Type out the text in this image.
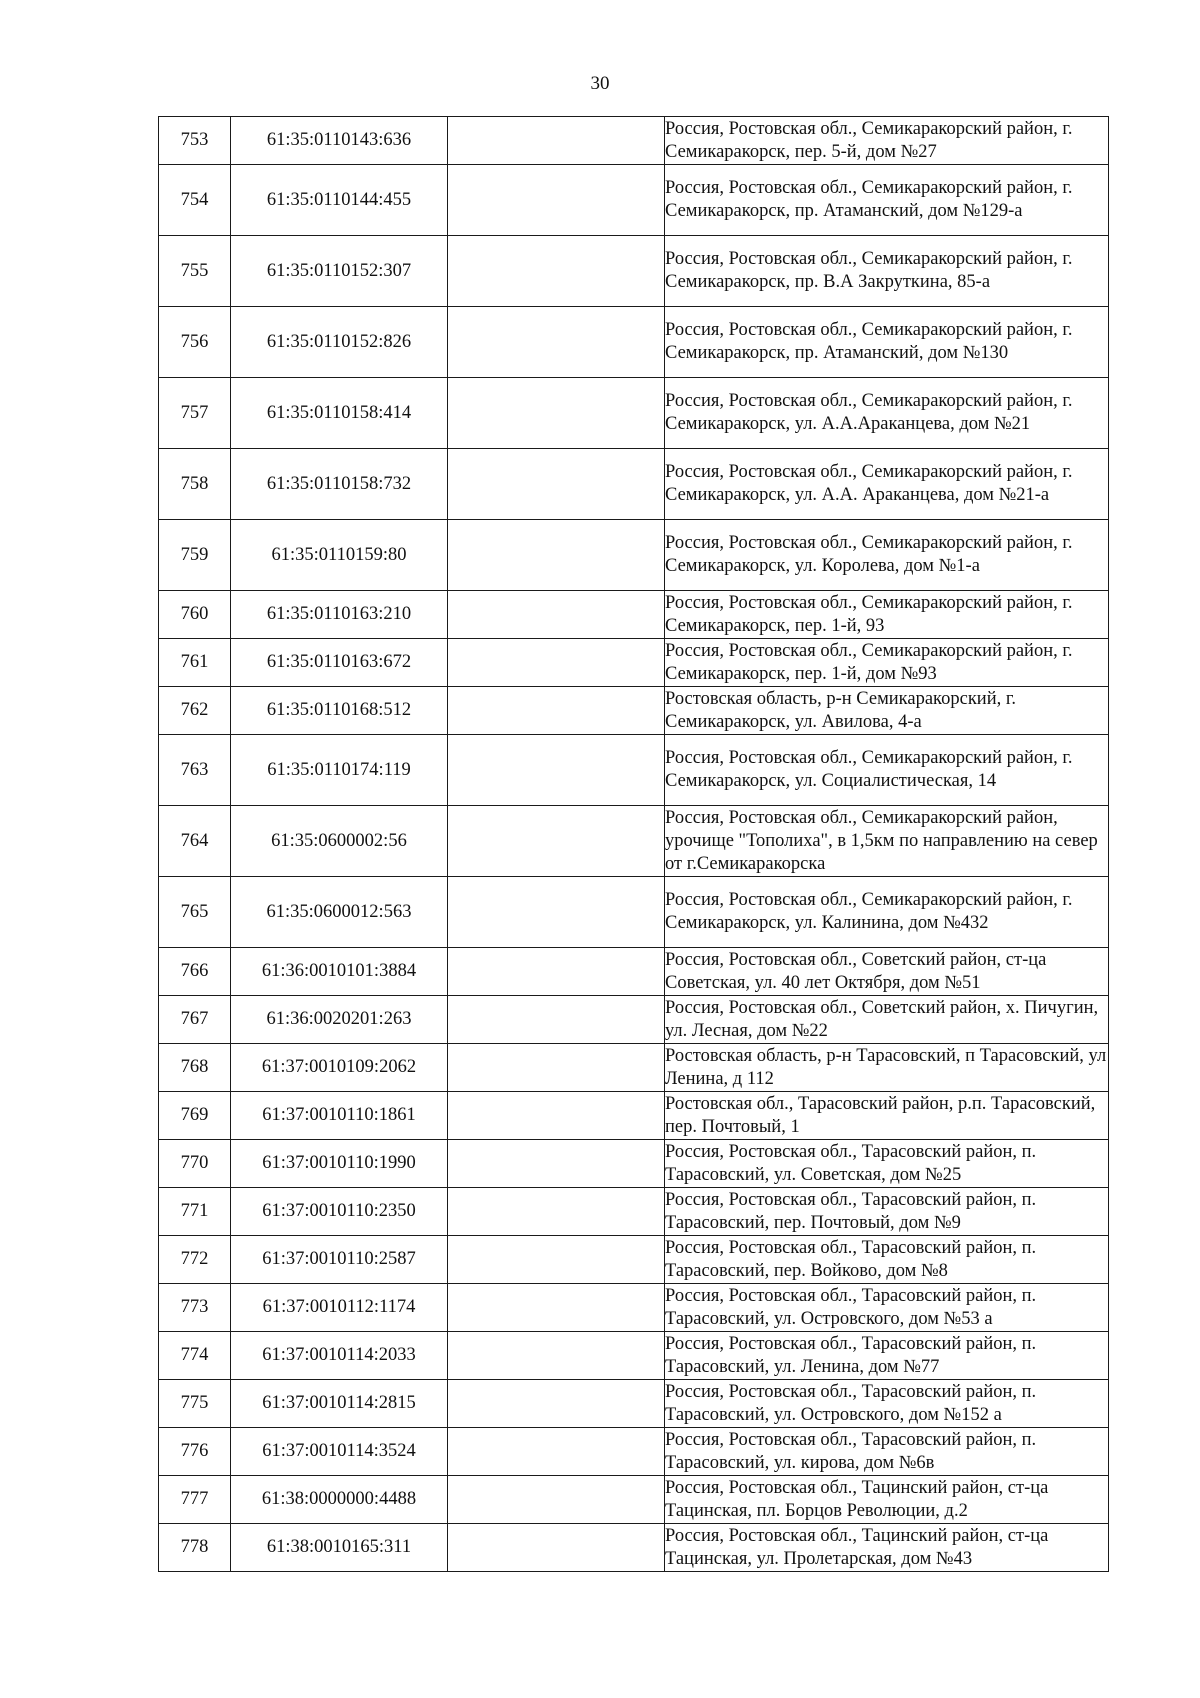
30
753	61:35:0110143:636		Россия, Ростовская обл., Семикаракорский район, г. Семикаракорск, пер. 5-й, дом №27
754	61:35:0110144:455		Россия, Ростовская обл., Семикаракорский район, г. Семикаракорск, пр. Атаманский, дом №129-а
755	61:35:0110152:307		Россия, Ростовская обл., Семикаракорский район, г. Семикаракорск, пр. В.А Закруткина, 85-а
756	61:35:0110152:826		Россия, Ростовская обл., Семикаракорский район, г. Семикаракорск, пр. Атаманский, дом №130
757	61:35:0110158:414		Россия, Ростовская обл., Семикаракорский район, г. Семикаракорск, ул. А.А.Араканцева, дом №21
758	61:35:0110158:732		Россия, Ростовская обл., Семикаракорский район, г. Семикаракорск, ул. А.А. Араканцева, дом №21-а
759	61:35:0110159:80		Россия, Ростовская обл., Семикаракорский район, г. Семикаракорск, ул. Королева, дом №1-а
760	61:35:0110163:210		Россия, Ростовская обл., Семикаракорский район, г. Семикаракорск, пер. 1-й, 93
761	61:35:0110163:672		Россия, Ростовская обл., Семикаракорский район, г. Семикаракорск, пер. 1-й, дом №93
762	61:35:0110168:512		Ростовская область, р-н Семикаракорский, г. Семикаракорск, ул. Авилова, 4-а
763	61:35:0110174:119		Россия, Ростовская обл., Семикаракорский район, г. Семикаракорск, ул. Социалистическая, 14
764	61:35:0600002:56		Россия, Ростовская обл., Семикаракорский район, урочище "Тополиха", в 1,5км по направлению на север от г.Семикаракорска
765	61:35:0600012:563		Россия, Ростовская обл., Семикаракорский район, г. Семикаракорск, ул. Калинина, дом №432
766	61:36:0010101:3884		Россия, Ростовская обл., Советский район, ст-ца Советская, ул. 40 лет Октября, дом №51
767	61:36:0020201:263		Россия, Ростовская обл., Советский район, х. Пичугин, ул. Лесная, дом №22
768	61:37:0010109:2062		Ростовская область, р-н Тарасовский, п Тарасовский, ул Ленина, д 112
769	61:37:0010110:1861		Ростовская обл., Тарасовский район, р.п. Тарасовский, пер. Почтовый, 1
770	61:37:0010110:1990		Россия, Ростовская обл., Тарасовский район, п. Тарасовский, ул. Советская, дом №25
771	61:37:0010110:2350		Россия, Ростовская обл., Тарасовский район, п. Тарасовский, пер. Почтовый, дом №9
772	61:37:0010110:2587		Россия, Ростовская обл., Тарасовский район, п. Тарасовский, пер. Войково, дом №8
773	61:37:0010112:1174		Россия, Ростовская обл., Тарасовский район, п. Тарасовский, ул. Островского, дом №53 а
774	61:37:0010114:2033		Россия, Ростовская обл., Тарасовский район, п. Тарасовский, ул. Ленина, дом №77
775	61:37:0010114:2815		Россия, Ростовская обл., Тарасовский район, п. Тарасовский, ул. Островского, дом №152 а
776	61:37:0010114:3524		Россия, Ростовская обл., Тарасовский район, п. Тарасовский, ул. кирова, дом №6в
777	61:38:0000000:4488		Россия, Ростовская обл., Тацинский район, ст-ца Тацинская, пл. Борцов Революции, д.2
778	61:38:0010165:311		Россия, Ростовская обл., Тацинский район, ст-ца Тацинская, ул. Пролетарская, дом №43
